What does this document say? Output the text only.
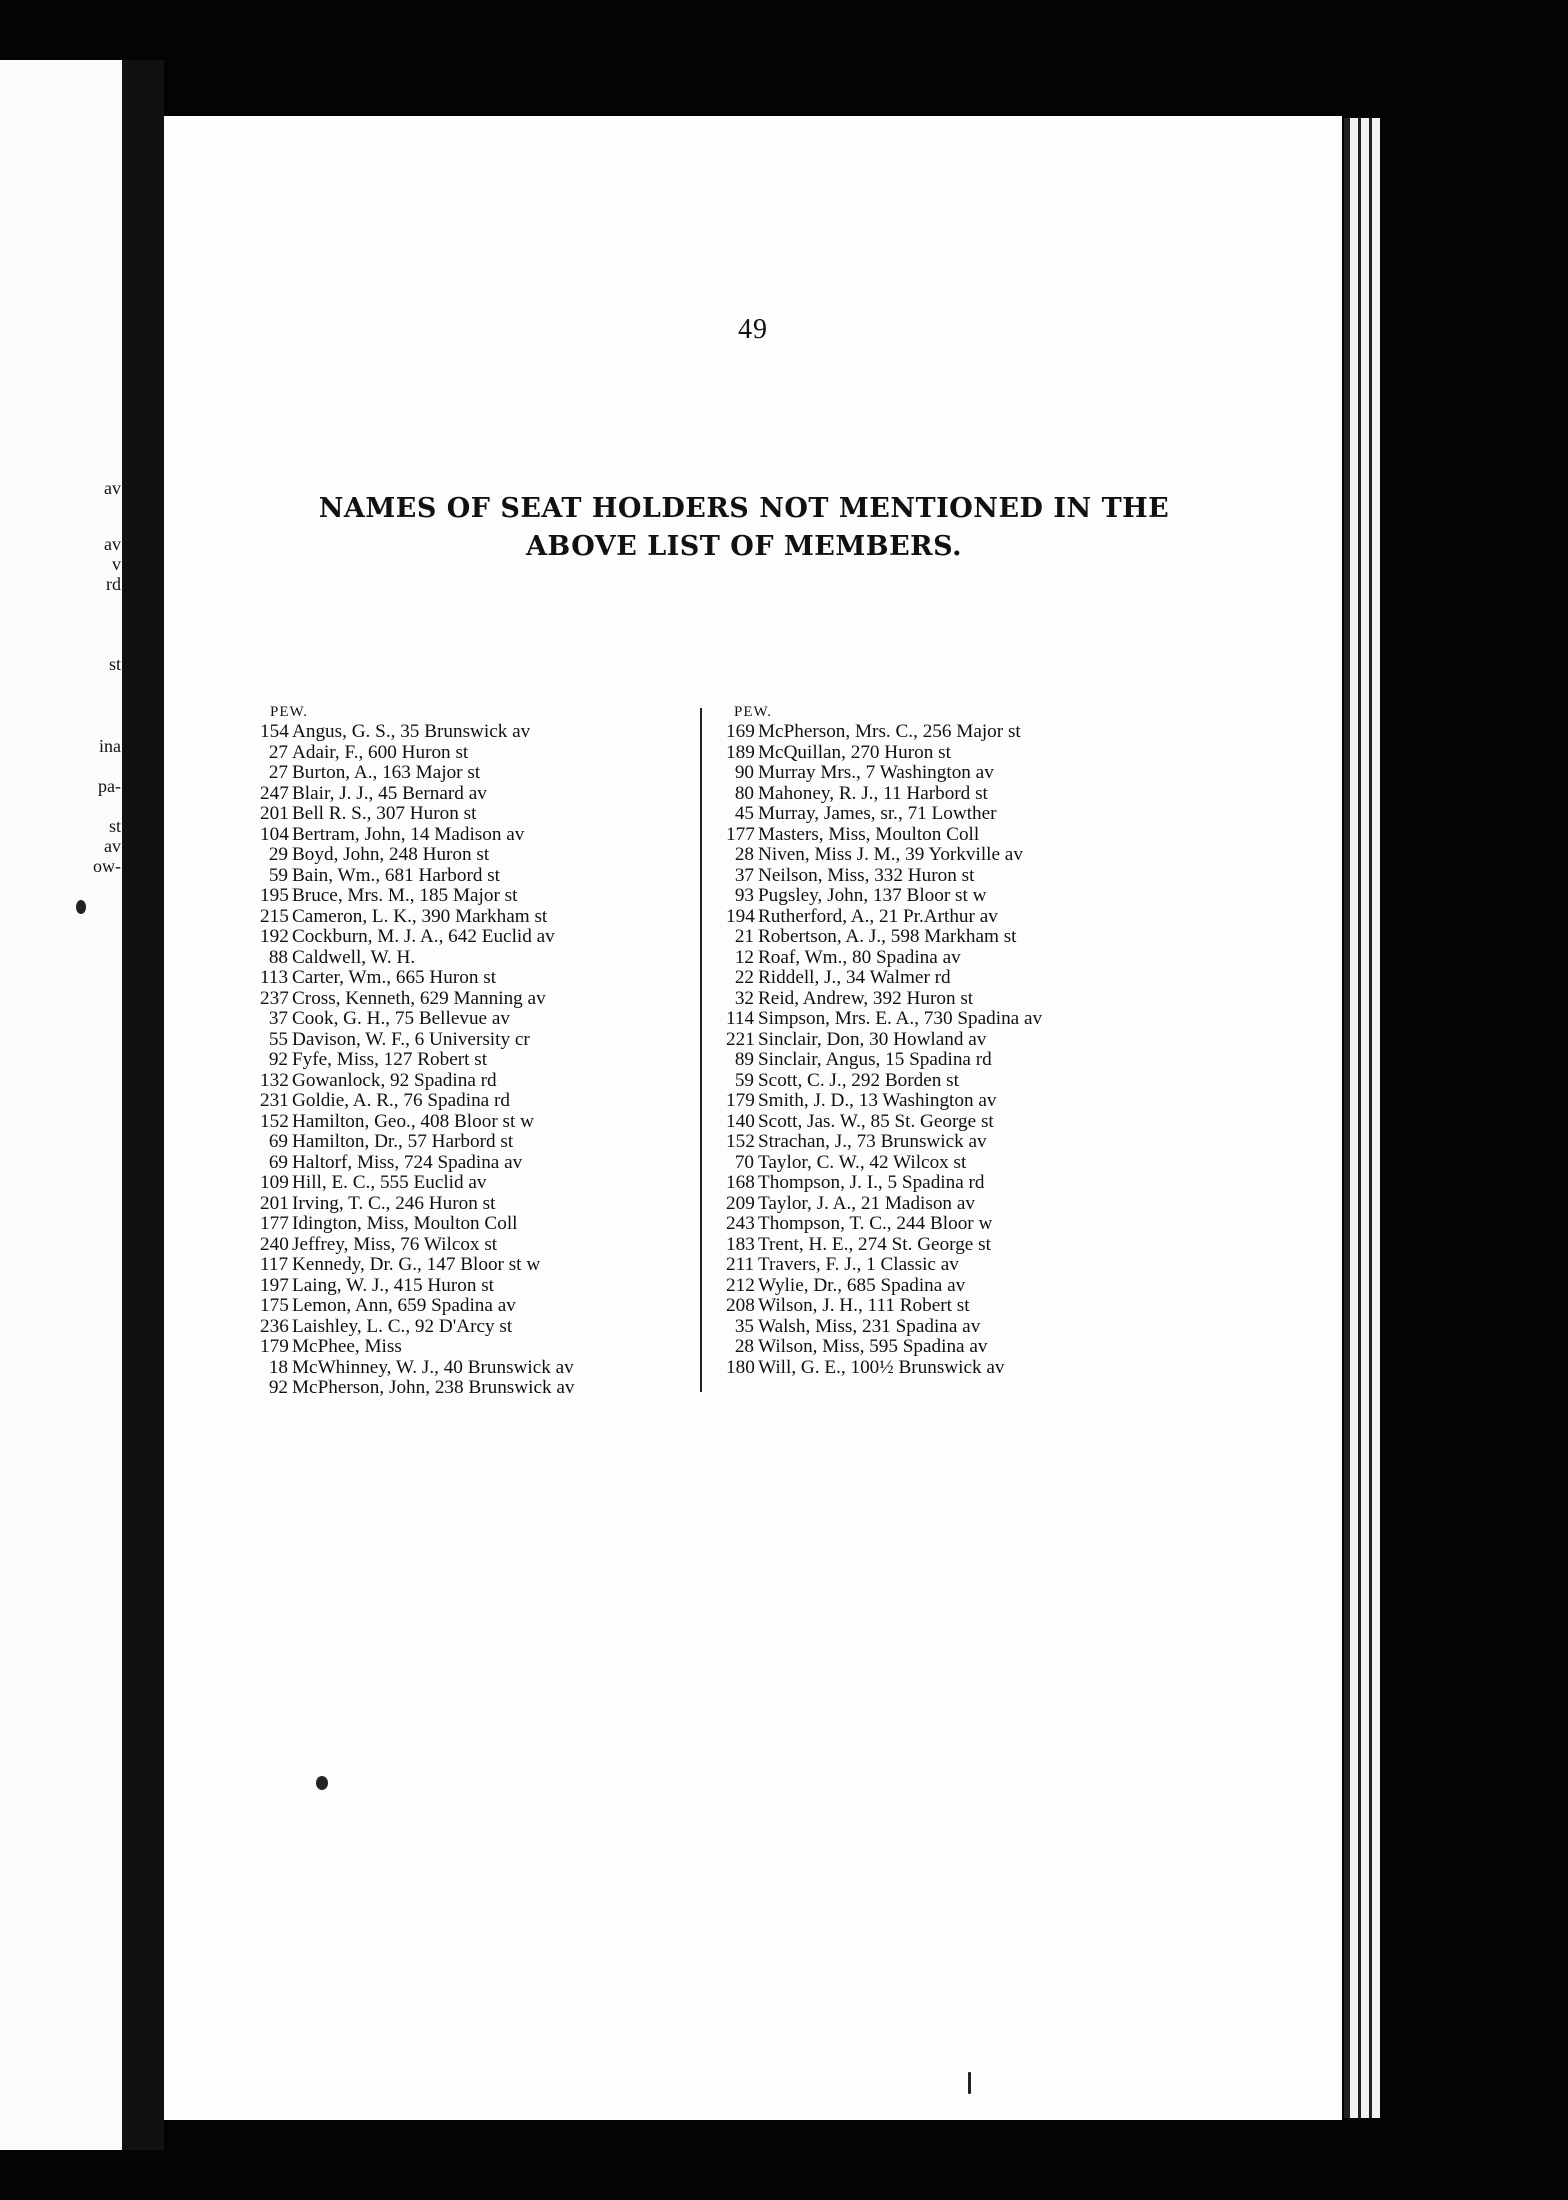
av
av
v
rd
st
ina
pa-
st
av
ow-
49
NAMES OF SEAT HOLDERS NOT MENTIONED IN THE
ABOVE LIST OF MEMBERS.
PEW.
154 Angus, G. S., 35 Brunswick av
27 Adair, F., 600 Huron st
27 Burton, A., 163 Major st
247 Blair, J. J., 45 Bernard av
201 Bell R. S., 307 Huron st
104 Bertram, John, 14 Madison av
29 Boyd, John, 248 Huron st
59 Bain, Wm., 681 Harbord st
195 Bruce, Mrs. M., 185 Major st
215 Cameron, L. K., 390 Markham st
192 Cockburn, M. J. A., 642 Euclid av
88 Caldwell, W. H.
113 Carter, Wm., 665 Huron st
237 Cross, Kenneth, 629 Manning av
37 Cook, G. H., 75 Bellevue av
55 Davison, W. F., 6 University cr
92 Fyfe, Miss, 127 Robert st
132 Gowanlock, 92 Spadina rd
231 Goldie, A. R., 76 Spadina rd
152 Hamilton, Geo., 408 Bloor st w
69 Hamilton, Dr., 57 Harbord st
69 Haltorf, Miss, 724 Spadina av
109 Hill, E. C., 555 Euclid av
201 Irving, T. C., 246 Huron st
177 Idington, Miss, Moulton Coll
240 Jeffrey, Miss, 76 Wilcox st
117 Kennedy, Dr. G., 147 Bloor st w
197 Laing, W. J., 415 Huron st
175 Lemon, Ann, 659 Spadina av
236 Laishley, L. C., 92 D'Arcy st
179 McPhee, Miss
18 McWhinney, W. J., 40 Brunswick av
92 McPherson, John, 238 Brunswick av
PEW.
169 McPherson, Mrs. C., 256 Major st
189 McQuillan, 270 Huron st
90 Murray Mrs., 7 Washington av
80 Mahoney, R. J., 11 Harbord st
45 Murray, James, sr., 71 Lowther
177 Masters, Miss, Moulton Coll
28 Niven, Miss J. M., 39 Yorkville av
37 Neilson, Miss, 332 Huron st
93 Pugsley, John, 137 Bloor st w
194 Rutherford, A., 21 Pr.Arthur av
21 Robertson, A. J., 598 Markham st
12 Roaf, Wm., 80 Spadina av
22 Riddell, J., 34 Walmer rd
32 Reid, Andrew, 392 Huron st
114 Simpson, Mrs. E. A., 730 Spadina av
221 Sinclair, Don, 30 Howland av
89 Sinclair, Angus, 15 Spadina rd
59 Scott, C. J., 292 Borden st
179 Smith, J. D., 13 Washington av
140 Scott, Jas. W., 85 St. George st
152 Strachan, J., 73 Brunswick av
70 Taylor, C. W., 42 Wilcox st
168 Thompson, J. I., 5 Spadina rd
209 Taylor, J. A., 21 Madison av
243 Thompson, T. C., 244 Bloor w
183 Trent, H. E., 274 St. George st
211 Travers, F. J., 1 Classic av
212 Wylie, Dr., 685 Spadina av
208 Wilson, J. H., 111 Robert st
35 Walsh, Miss, 231 Spadina av
28 Wilson, Miss, 595 Spadina av
180 Will, G. E., 100½ Brunswick av
